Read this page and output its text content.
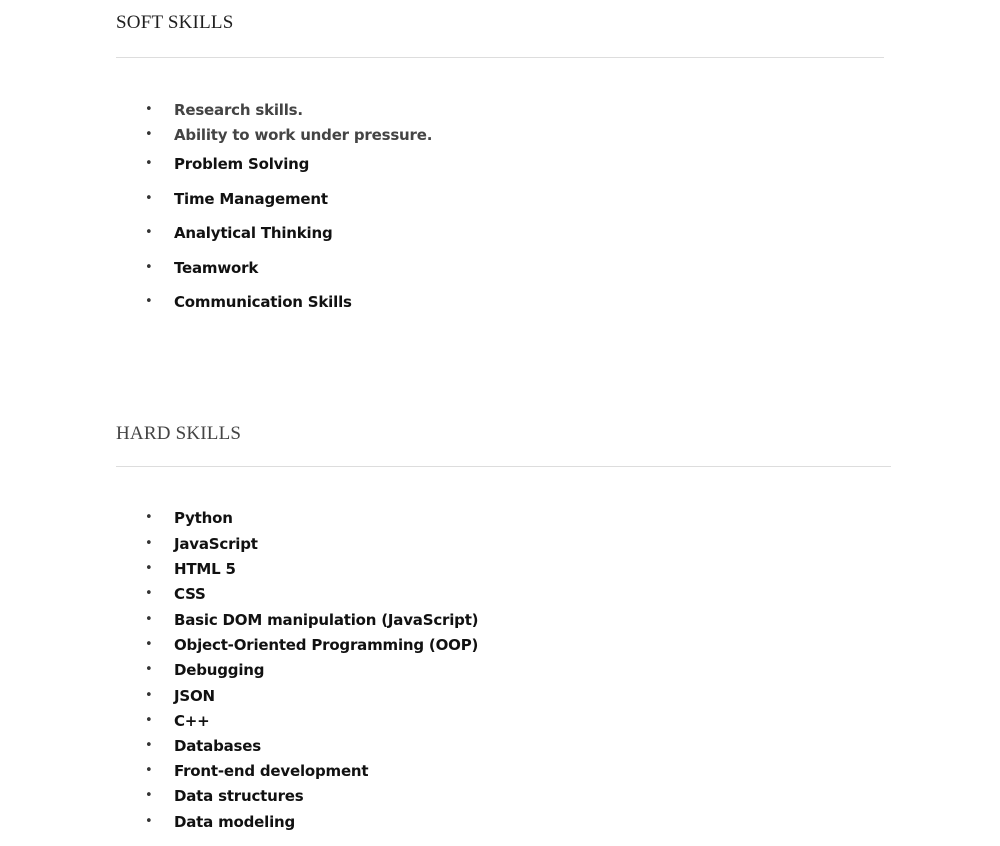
SOFT SKILLS
•	Research skills.
•	Ability to work under pressure.
•	Problem Solving
•	Time Management
•	Analytical Thinking
•	Teamwork
•	Communication Skills
HARD SKILLS
•	Python
•	JavaScript
•	HTML 5
•	CSS
•	Basic DOM manipulation (JavaScript)
•	Object-Oriented Programming (OOP)
•	Debugging
•	JSON
•	C++
•	Databases
•	Front-end development
•	Data structures
•	Data modeling
